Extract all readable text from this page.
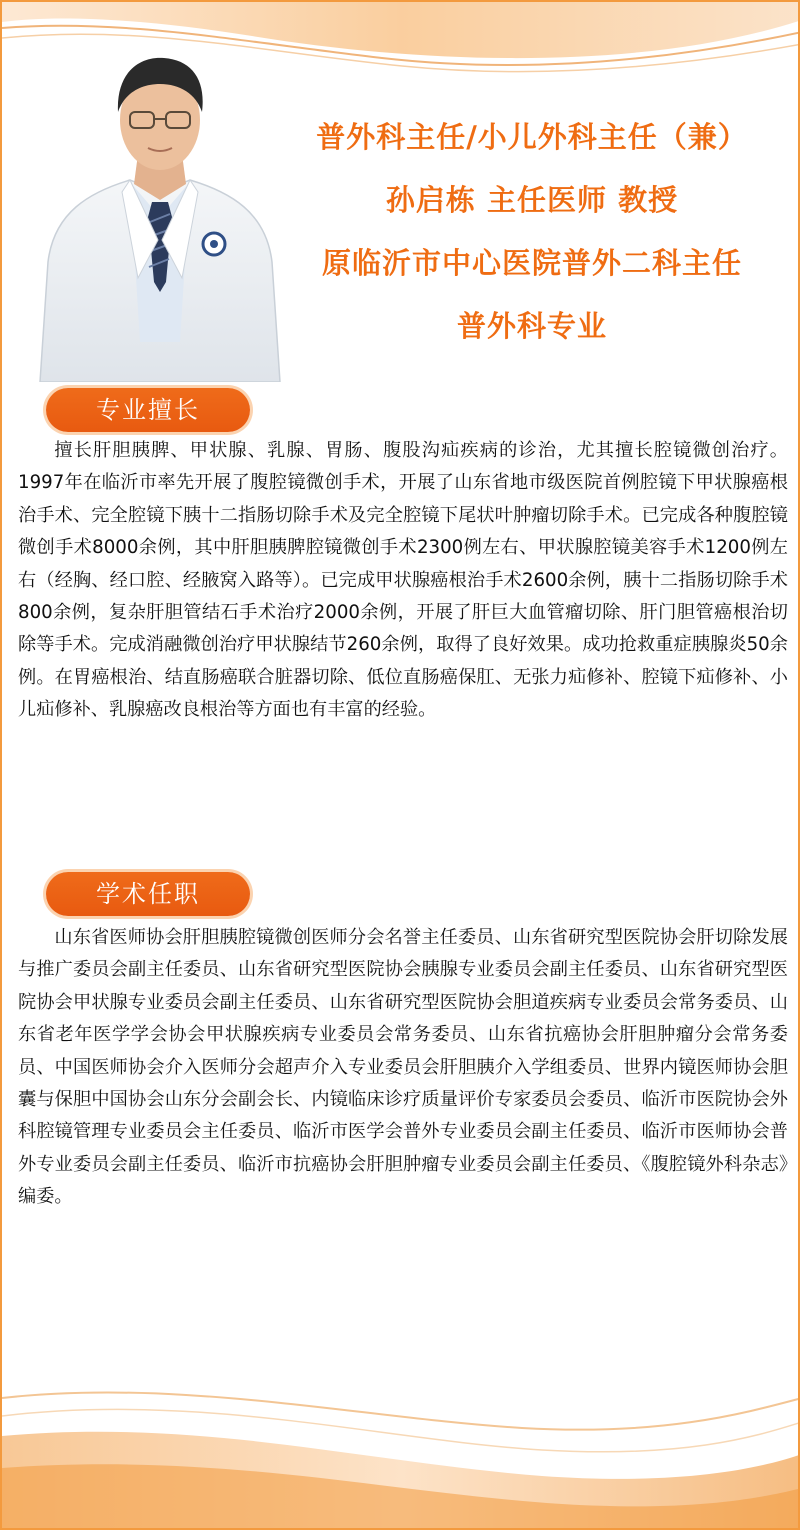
普外科主任/小儿外科主任（兼）
孙启栋 主任医师 教授
原临沂市中心医院普外二科主任
普外科专业
专业擅长

擅长肝胆胰脾、甲状腺、乳腺、胃肠、腹股沟疝疾病的诊治，尤其擅长腔镜微创治疗。1997年在临沂市率先开展了腹腔镜微创手术，开展了山东省地市级医院首例腔镜下甲状腺癌根治手术、完全腔镜下胰十二指肠切除手术及完全腔镜下尾状叶肿瘤切除手术。已完成各种腹腔镜微创手术8000余例，其中肝胆胰脾腔镜微创手术2300例左右、甲状腺腔镜美容手术1200例左右（经胸、经口腔、经腋窝入路等）。已完成甲状腺癌根治手术2600余例，胰十二指肠切除手术800余例，复杂肝胆管结石手术治疗2000余例，开展了肝巨大血管瘤切除、肝门胆管癌根治切除等手术。完成消融微创治疗甲状腺结节260余例，取得了良好效果。成功抢救重症胰腺炎50余例。在胃癌根治、结直肠癌联合脏器切除、低位直肠癌保肛、无张力疝修补、腔镜下疝修补、小儿疝修补、乳腺癌改良根治等方面也有丰富的经验。

学术任职

山东省医师协会肝胆胰腔镜微创医师分会名誉主任委员、山东省研究型医院协会肝切除发展与推广委员会副主任委员、山东省研究型医院协会胰腺专业委员会副主任委员、山东省研究型医院协会甲状腺专业委员会副主任委员、山东省研究型医院协会胆道疾病专业委员会常务委员、山东省老年医学学会协会甲状腺疾病专业委员会常务委员、山东省抗癌协会肝胆肿瘤分会常务委员、中国医师协会介入医师分会超声介入专业委员会肝胆胰介入学组委员、世界内镜医师协会胆囊与保胆中国协会山东分会副会长、内镜临床诊疗质量评价专家委员会委员、临沂市医院协会外科腔镜管理专业委员会主任委员、临沂市医学会普外专业委员会副主任委员、临沂市医师协会普外专业委员会副主任委员、临沂市抗癌协会肝胆肿瘤专业委员会副主任委员、《腹腔镜外科杂志》编委。
